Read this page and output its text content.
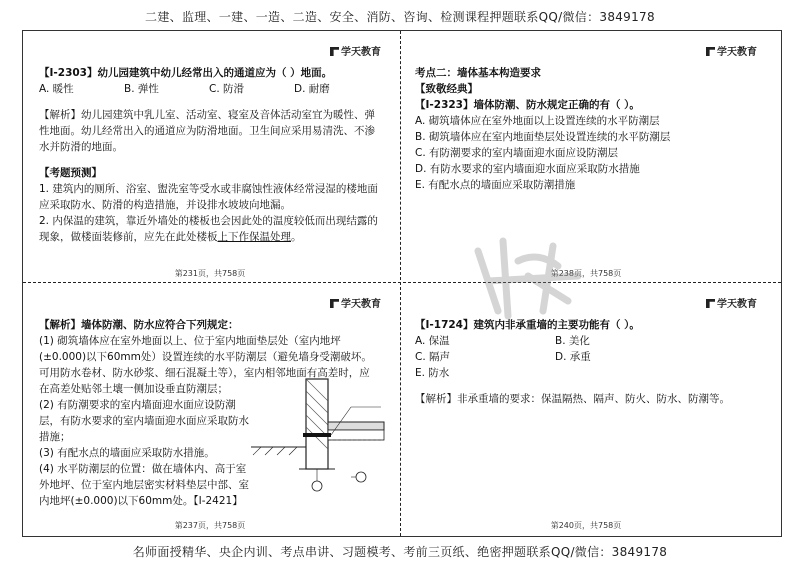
二建、监理、一建、一造、二造、安全、消防、咨询、检测课程押题联系QQ/微信：3849178
学天教育

【Ⅰ-2303】幼儿园建筑中幼儿经常出入的通道应为（ ）地面。

A. 暖性	B. 弹性	C. 防滑	D. 耐磨

【解析】幼儿园建筑中乳儿室、活动室、寝室及音体活动室宜为暖性、弹性地面。幼儿经常出入的通道应为防滑地面。卫生间应采用易清洗、不渗水并防滑的地面。

【考题预测】

1. 建筑内的厕所、浴室、盥洗室等受水或非腐蚀性液体经常浸湿的楼地面应采取防水、防滑的构造措施，并设排水坡坡向地漏。

2. 内保温的建筑，靠近外墙处的楼板也会因此处的温度较低而出现结露的现象，做楼面装修前，应先在此处楼板上下作保温处理。

第231页，共758页
学天教育

考点二：墙体基本构造要求

【致敬经典】

【Ⅰ-2323】墙体防潮、防水规定正确的有（ ）。

A. 砌筑墙体应在室外地面以上设置连续的水平防潮层

B. 砌筑墙体应在室内地面垫层处设置连续的水平防潮层

C. 有防潮要求的室内墙面迎水面应设防潮层

D. 有防水要求的室内墙面迎水面应采取防水措施

E. 有配水点的墙面应采取防潮措施

第238页，共758页
学天教育

【解析】墙体防潮、防水应符合下列规定：

(1) 砌筑墙体应在室外地面以上、位于室内地面垫层处（室内地坪(±0.000)以下60mm处）设置连续的水平防潮层（避免墙身受潮破坏。可用防水卷材、防水砂浆、细石混凝土等），室内相邻地面有高差时，应在高差处贴邻土壤一侧加设垂直防潮层；

(2) 有防潮要求的室内墙面迎水面应设防潮层，有防水要求的室内墙面迎水面应采取防水措施；

(3) 有配水点的墙面应采取防水措施。

(4) 水平防潮层的位置：做在墙体内、高于室外地坪、位于室内地层密实材料垫层中部、室内地坪(±0.000)以下60mm处。【Ⅰ-2421】

第237页，共758页
学天教育

【Ⅰ-1724】建筑内非承重墙的主要功能有（ ）。

A. 保温	B. 美化
C. 隔声	D. 承重

E. 防水

【解析】非承重墙的要求：保温隔热、隔声、防火、防水、防潮等。

第240页，共758页
名师面授精华、央企内训、考点串讲、习题模考、考前三页纸、绝密押题联系QQ/微信：3849178
